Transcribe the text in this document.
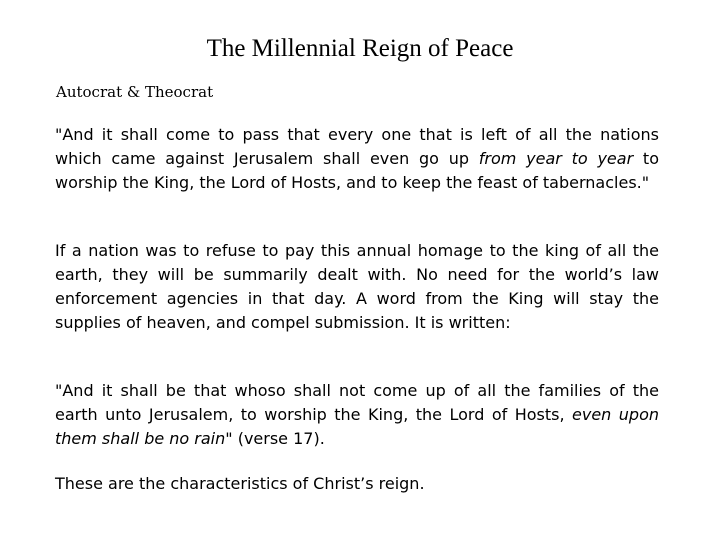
The Millennial Reign of Peace
Autocrat & Theocrat

"And it shall come to pass that every one that is left of all the nations which came against Jerusalem shall even go up from year to year to worship the King, the Lord of Hosts, and to keep the feast of tabernacles."

If a nation was to refuse to pay this annual homage to the king of all the earth, they will be summarily dealt with. No need for the world’s law enforcement agencies in that day. A word from the King will stay the supplies of heaven, and compel submission. It is written:

"And it shall be that whoso shall not come up of all the families of the earth unto Jerusalem, to worship the King, the Lord of Hosts, even upon them shall be no rain" (verse 17).

These are the characteristics of Christ’s reign.
